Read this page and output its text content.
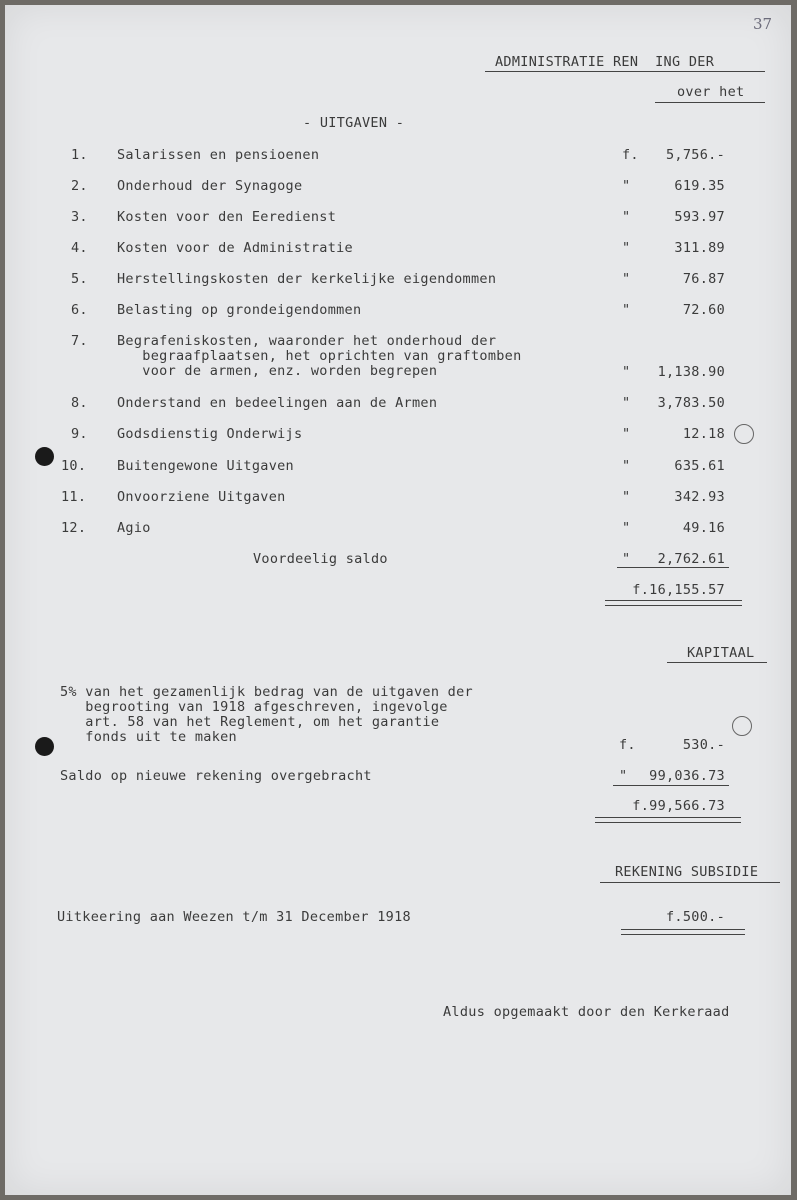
37
ADMINISTRATIE REN  ING DER
over het
- UITGAVEN -
1. Salarissen en pensioenen	f.	5,756.-
2. Onderhoud der Synagoge	"	619.35
3. Kosten voor den Eeredienst	"	593.97
4. Kosten voor de Administratie	"	311.89
5. Herstellingskosten der kerkelijke eigendommen	"	76.87
6. Belasting op grondeigendommen	"	72.60
7. Begrafeniskosten, waaronder het onderhoud der
begraafplaatsen, het oprichten van graftomben
voor de armen, enz. worden begrepen	"	1,138.90
8. Onderstand en bedeelingen aan de Armen	"	3,783.50
9. Godsdienstig Onderwijs	"	12.18
10. Buitengewone Uitgaven	"	635.61
11. Onvoorziene Uitgaven	"	342.93
12. Agio	"	49.16
Voordeelig saldo	"	2,762.61
f.16,155.57
KAPITAAL
5% van het gezamenlijk bedrag van de uitgaven der
begrooting van 1918 afgeschreven, ingevolge
art. 58 van het Reglement, om het garantie
fonds uit te maken	f.	530.-
Saldo op nieuwe rekening overgebracht	"	99,036.73
f.99,566.73
REKENING SUBSIDIE
Uitkeering aan Weezen t/m 31 December 1918	f.500.-
Aldus opgemaakt door den Kerkeraad
